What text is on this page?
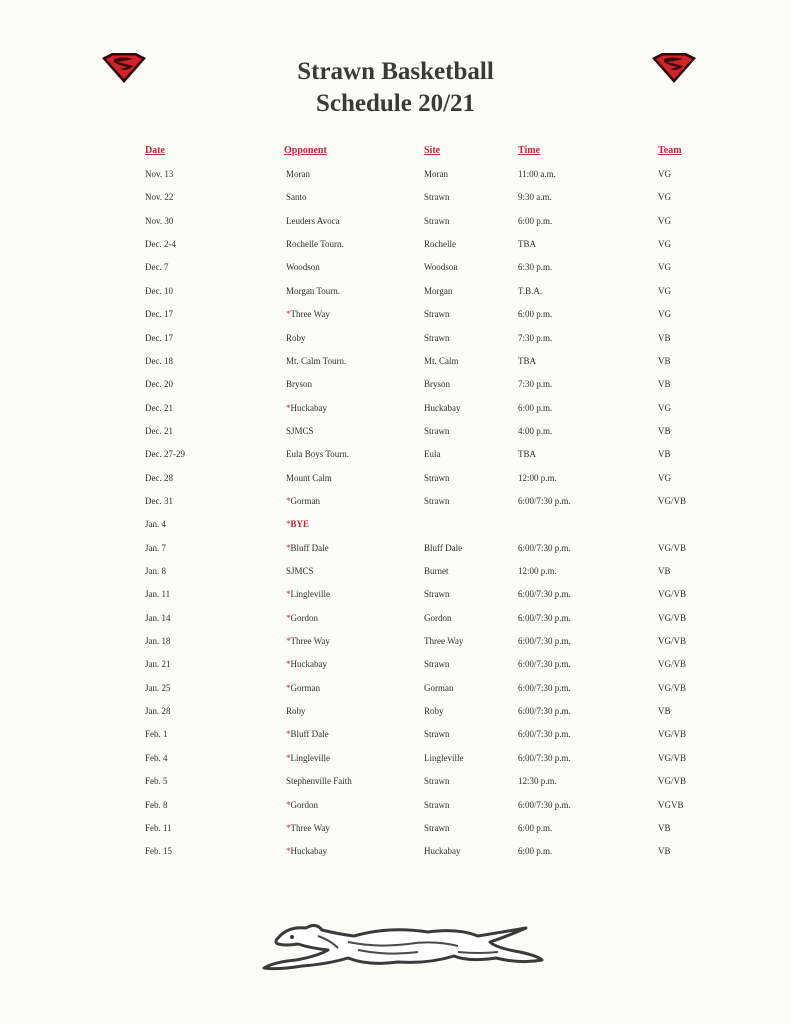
Strawn Basketball
Schedule 20/21
Date	Opponent	Site	Time	Team
Nov. 13	Moran	Moran	11:00 a.m.	VG
Nov. 22	Santo	Strawn	9:30 a.m.	VG
Nov. 30	Leuders Avoca	Strawn	6:00 p.m.	VG
Dec. 2-4	Rochelle Tourn.	Rochelle	TBA	VG
Dec. 7	Woodson	Woodson	6:30 p.m.	VG
Dec. 10	Morgan Tourn.	Morgan	T.B.A.	VG
Dec. 17	*Three Way	Strawn	6:00 p.m.	VG
Dec. 17	Roby	Strawn	7:30 p.m.	VB
Dec. 18	Mt. Calm Tourn.	Mt. Calm	TBA	VB
Dec. 20	Bryson	Bryson	7:30 p.m.	VB
Dec. 21	*Huckabay	Huckabay	6:00 p.m.	VG
Dec. 21	SJMCS	Strawn	4:00 p.m.	VB
Dec. 27-29	Eula Boys Tourn.	Eula	TBA	VB
Dec. 28	Mount Calm	Strawn	12:00 p.m.	VG
Dec. 31	*Gorman	Strawn	6:00/7:30 p.m.	VG/VB
Jan. 4	*BYE
Jan. 7	*Bluff Dale	Bluff Dale	6:00/7:30 p.m.	VG/VB
Jan. 8	SJMCS	Burnet	12:00 p.m.	VB
Jan. 11	*Lingleville	Strawn	6:00/7:30 p.m.	VG/VB
Jan. 14	*Gordon	Gordon	6:00/7:30 p.m.	VG/VB
Jan. 18	*Three Way	Three Way	6:00/7:30 p.m.	VG/VB
Jan. 21	*Huckabay	Strawn	6:00/7:30 p.m.	VG/VB
Jan. 25	*Gorman	Gorman	6:00/7:30 p.m.	VG/VB
Jan. 28	Roby	Roby	6:00/7:30 p.m.	VB
Feb. 1	*Bluff Dale	Strawn	6:00/7:30 p.m.	VG/VB
Feb. 4	*Lingleville	Lingleville	6:00/7:30 p.m.	VG/VB
Feb. 5	Stephenville Faith	Strawn	12:30 p.m.	VG/VB
Feb. 8	*Gordon	Strawn	6:00/7:30 p.m.	VGVB
Feb. 11	*Three Way	Strawn	6:00 p.m.	VB
Feb. 15	*Huckabay	Huckabay	6:00 p.m.	VB
